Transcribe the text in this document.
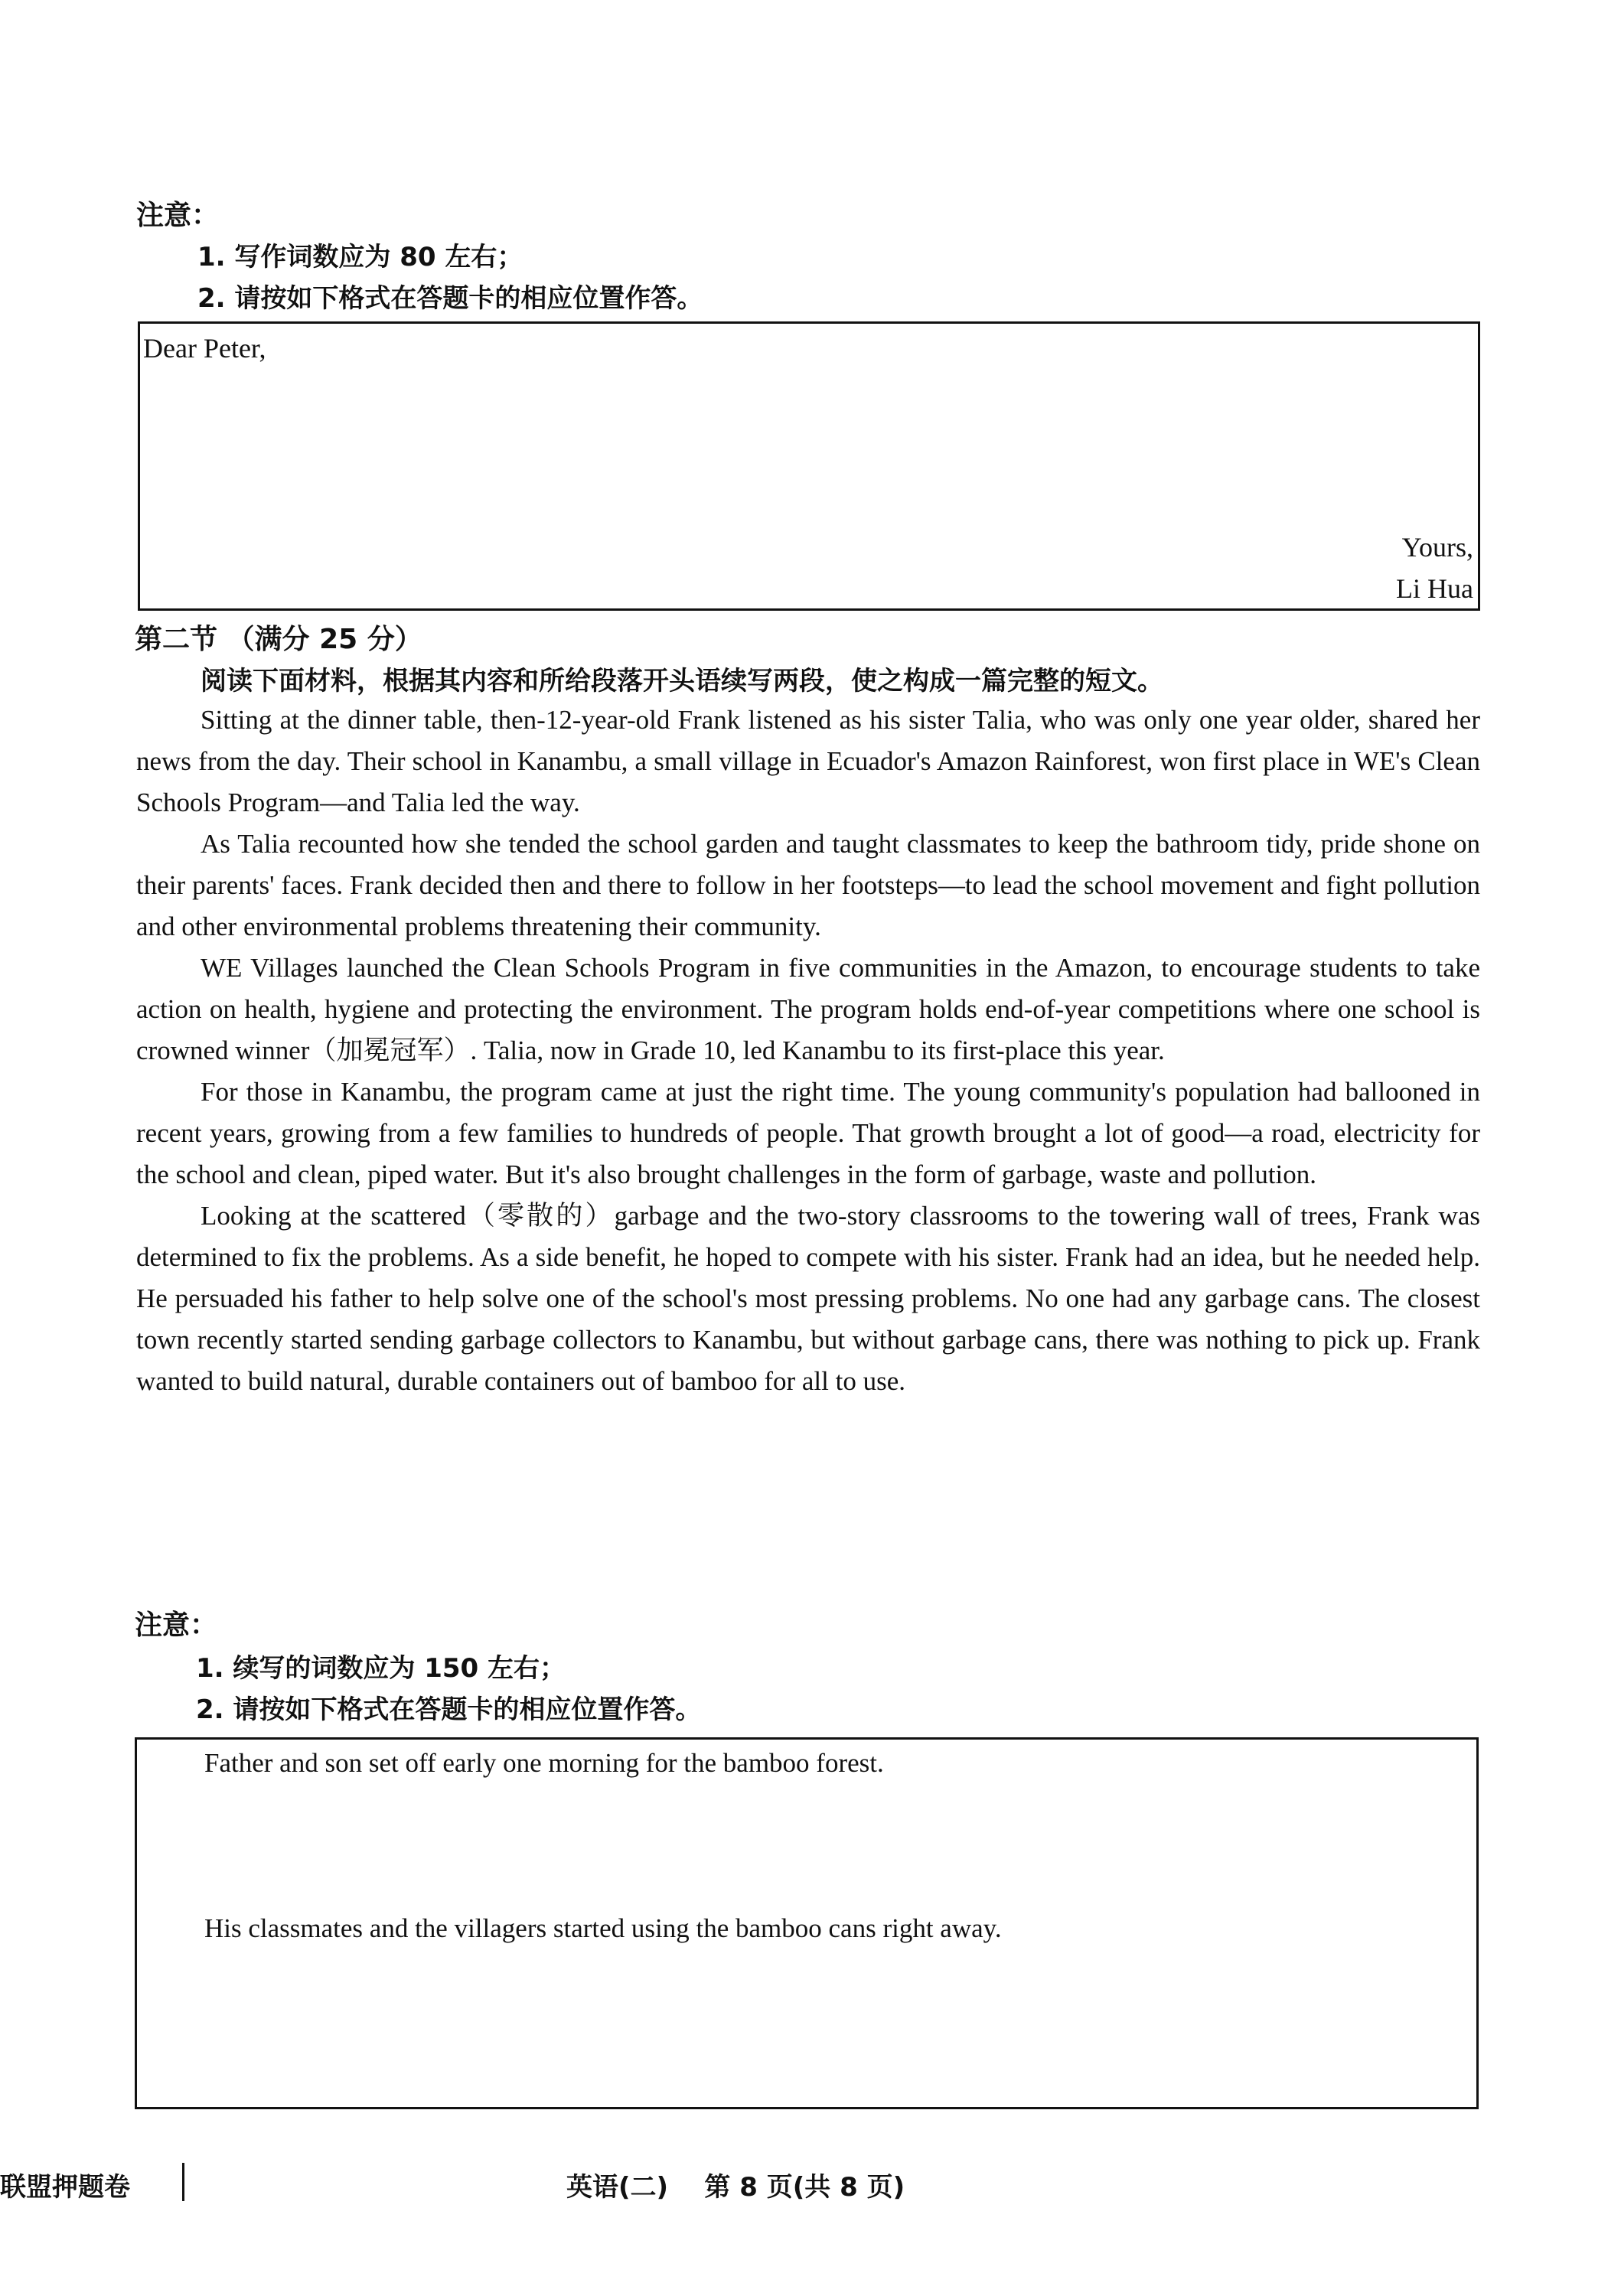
注意：
1. 写作词数应为 80 左右；
2. 请按如下格式在答题卡的相应位置作答。
Dear Peter,
Yours,
Li Hua
第二节 （满分 25 分）
阅读下面材料，根据其内容和所给段落开头语续写两段，使之构成一篇完整的短文。

Sitting at the dinner table, then-12-year-old Frank listened as his sister Talia, who was only one year older, shared her news from the day. Their school in Kanambu, a small village in Ecuador's Amazon Rainforest, won first place in WE's Clean Schools Program—and Talia led the way.

As Talia recounted how she tended the school garden and taught classmates to keep the bathroom tidy, pride shone on their parents' faces. Frank decided then and there to follow in her footsteps—to lead the school movement and fight pollution and other environmental problems threatening their community.

WE Villages launched the Clean Schools Program in five communities in the Amazon, to encourage students to take action on health, hygiene and protecting the environment. The program holds end-of-year competitions where one school is crowned winner（加冕冠军）. Talia, now in Grade 10, led Kanambu to its first-place this year.

For those in Kanambu, the program came at just the right time. The young community's population had ballooned in recent years, growing from a few families to hundreds of people. That growth brought a lot of good—a road, electricity for the school and clean, piped water. But it's also brought challenges in the form of garbage, waste and pollution.

Looking at the scattered（零散的）garbage and the two-story classrooms to the towering wall of trees, Frank was determined to fix the problems. As a side benefit, he hoped to compete with his sister. Frank had an idea, but he needed help. He persuaded his father to help solve one of the school's most pressing problems. No one had any garbage cans. The closest town recently started sending garbage collectors to Kanambu, but without garbage cans, there was nothing to pick up. Frank wanted to build natural, durable containers out of bamboo for all to use.

注意：
1. 续写的词数应为 150 左右；
2. 请按如下格式在答题卡的相应位置作答。
Father and son set off early one morning for the bamboo forest.
His classmates and the villagers started using the bamboo cans right away.
联盟押题卷	英语(二)    第 8 页(共 8 页)
